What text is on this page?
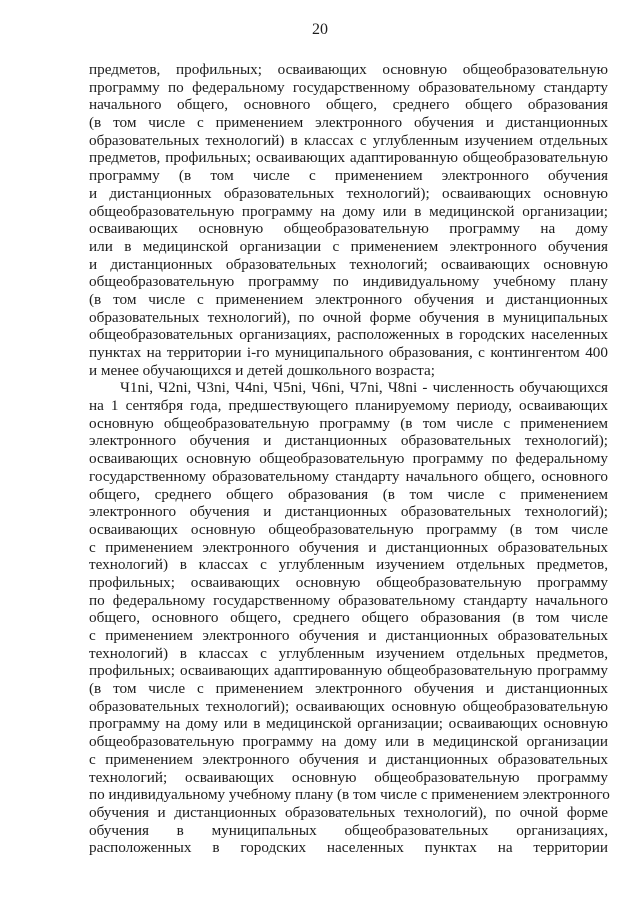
20
предметов, профильных; осваивающих основную общеобразовательную
программу по федеральному государственному образовательному стандарту
начального общего, основного общего, среднего общего образования
(в том числе с применением электронного обучения и дистанционных
образовательных технологий) в классах с углубленным изучением отдельных
предметов, профильных; осваивающих адаптированную общеобразовательную
программу (в том числе с применением электронного обучения
и дистанционных образовательных технологий); осваивающих основную
общеобразовательную программу на дому или в медицинской организации;
осваивающих основную общеобразовательную программу на дому
или в медицинской организации с применением электронного обучения
и дистанционных образовательных технологий; осваивающих основную
общеобразовательную программу по индивидуальному учебному плану
(в том числе с применением электронного обучения и дистанционных
образовательных технологий), по очной форме обучения в муниципальных
общеобразовательных организациях, расположенных в городских населенных
пунктах на территории i-го муниципального образования, с контингентом 400
и менее обучающихся и детей дошкольного возраста;
Ч1ni, Ч2ni, Ч3ni, Ч4ni, Ч5ni, Ч6ni, Ч7ni, Ч8ni - численность обучающихся
на 1 сентября года, предшествующего планируемому периоду, осваивающих
основную общеобразовательную программу (в том числе с применением
электронного обучения и дистанционных образовательных технологий);
осваивающих основную общеобразовательную программу по федеральному
государственному образовательному стандарту начального общего, основного
общего, среднего общего образования (в том числе с применением
электронного обучения и дистанционных образовательных технологий);
осваивающих основную общеобразовательную программу (в том числе
с применением электронного обучения и дистанционных образовательных
технологий) в классах с углубленным изучением отдельных предметов,
профильных; осваивающих основную общеобразовательную программу
по федеральному государственному образовательному стандарту начального
общего, основного общего, среднего общего образования (в том числе
с применением электронного обучения и дистанционных образовательных
технологий) в классах с углубленным изучением отдельных предметов,
профильных; осваивающих адаптированную общеобразовательную программу
(в том числе с применением электронного обучения и дистанционных
образовательных технологий); осваивающих основную общеобразовательную
программу на дому или в медицинской организации; осваивающих основную
общеобразовательную программу на дому или в медицинской организации
с применением электронного обучения и дистанционных образовательных
технологий; осваивающих основную общеобразовательную программу
по индивидуальному учебному плану (в том числе с применением электронного
обучения и дистанционных образовательных технологий), по очной форме
обучения в муниципальных общеобразовательных организациях,
расположенных в городских населенных пунктах на территории
